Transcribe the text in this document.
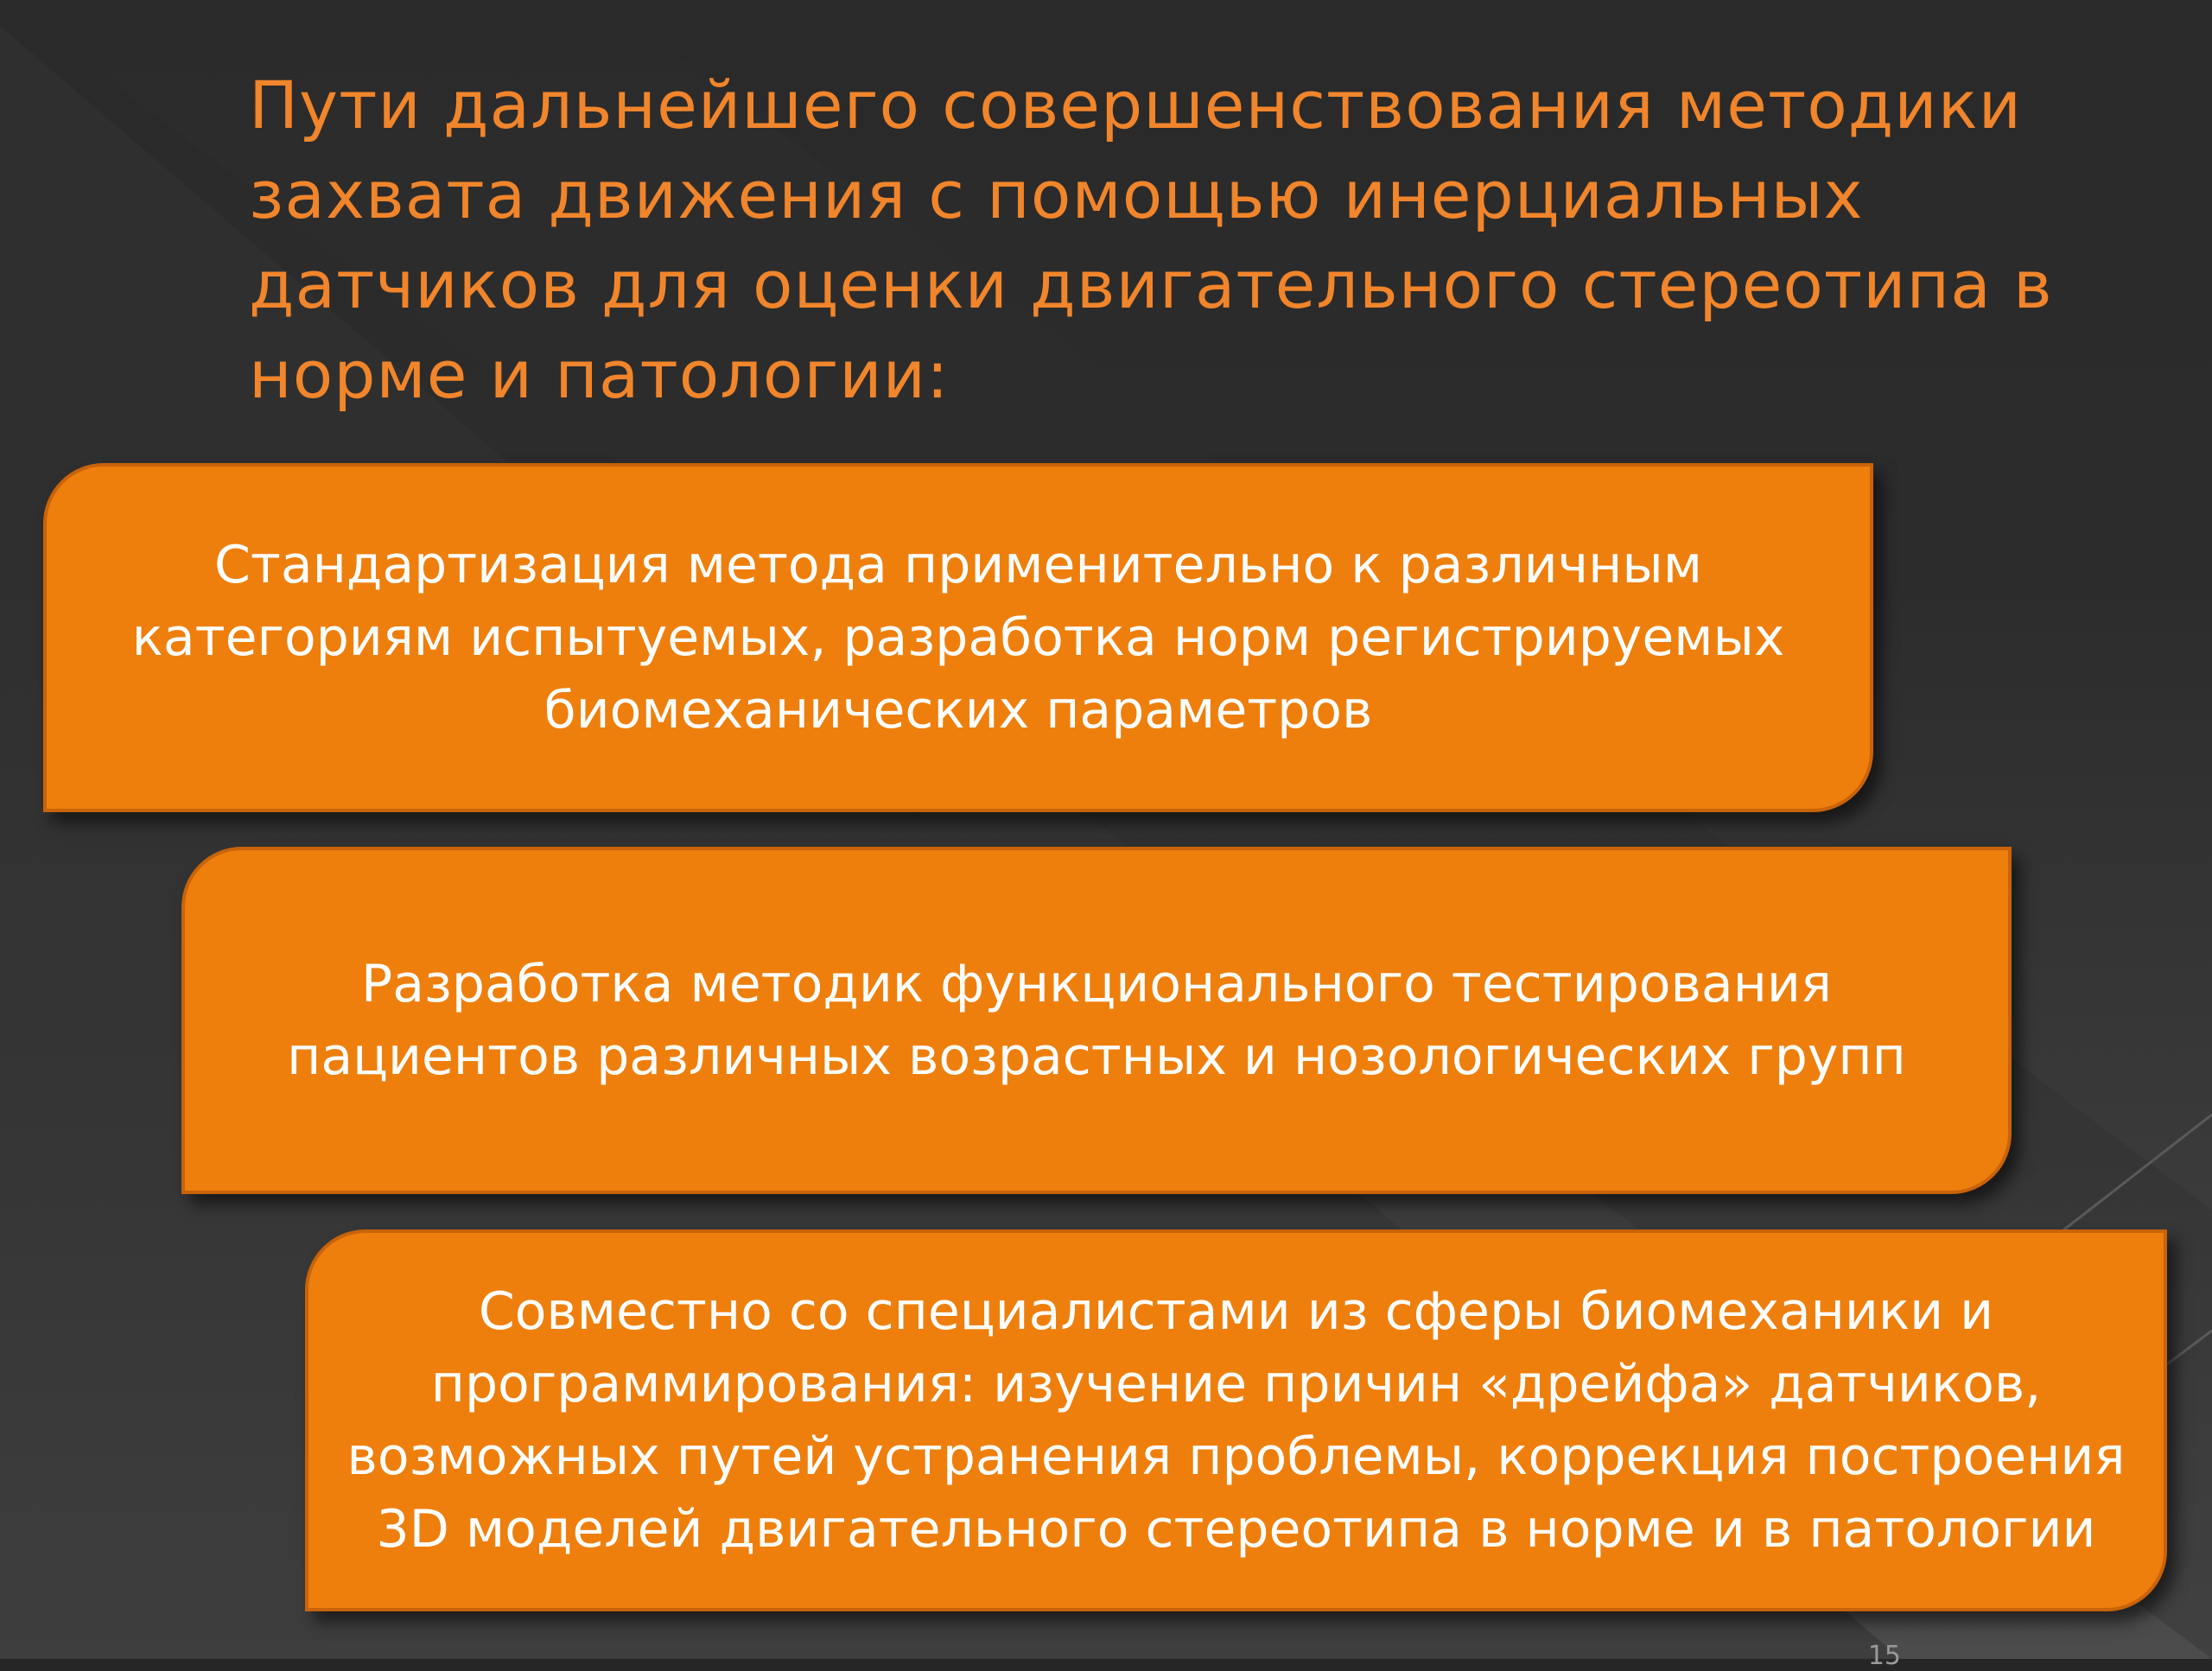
Пути дальнейшего совершенствования методики захвата движения с помощью инерциальных датчиков для оценки двигательного стереотипа в норме и патологии:
Стандартизация метода применительно к различным категориям испытуемых, разработка норм регистрируемых биомеханических параметров
Разработка методик функционального тестирования пациентов различных возрастных и нозологических групп
Совместно со специалистами из сферы биомеханики и программирования: изучение причин «дрейфа» датчиков, возможных путей устранения проблемы, коррекция построения 3D моделей двигательного стереотипа в норме и в патологии
15
